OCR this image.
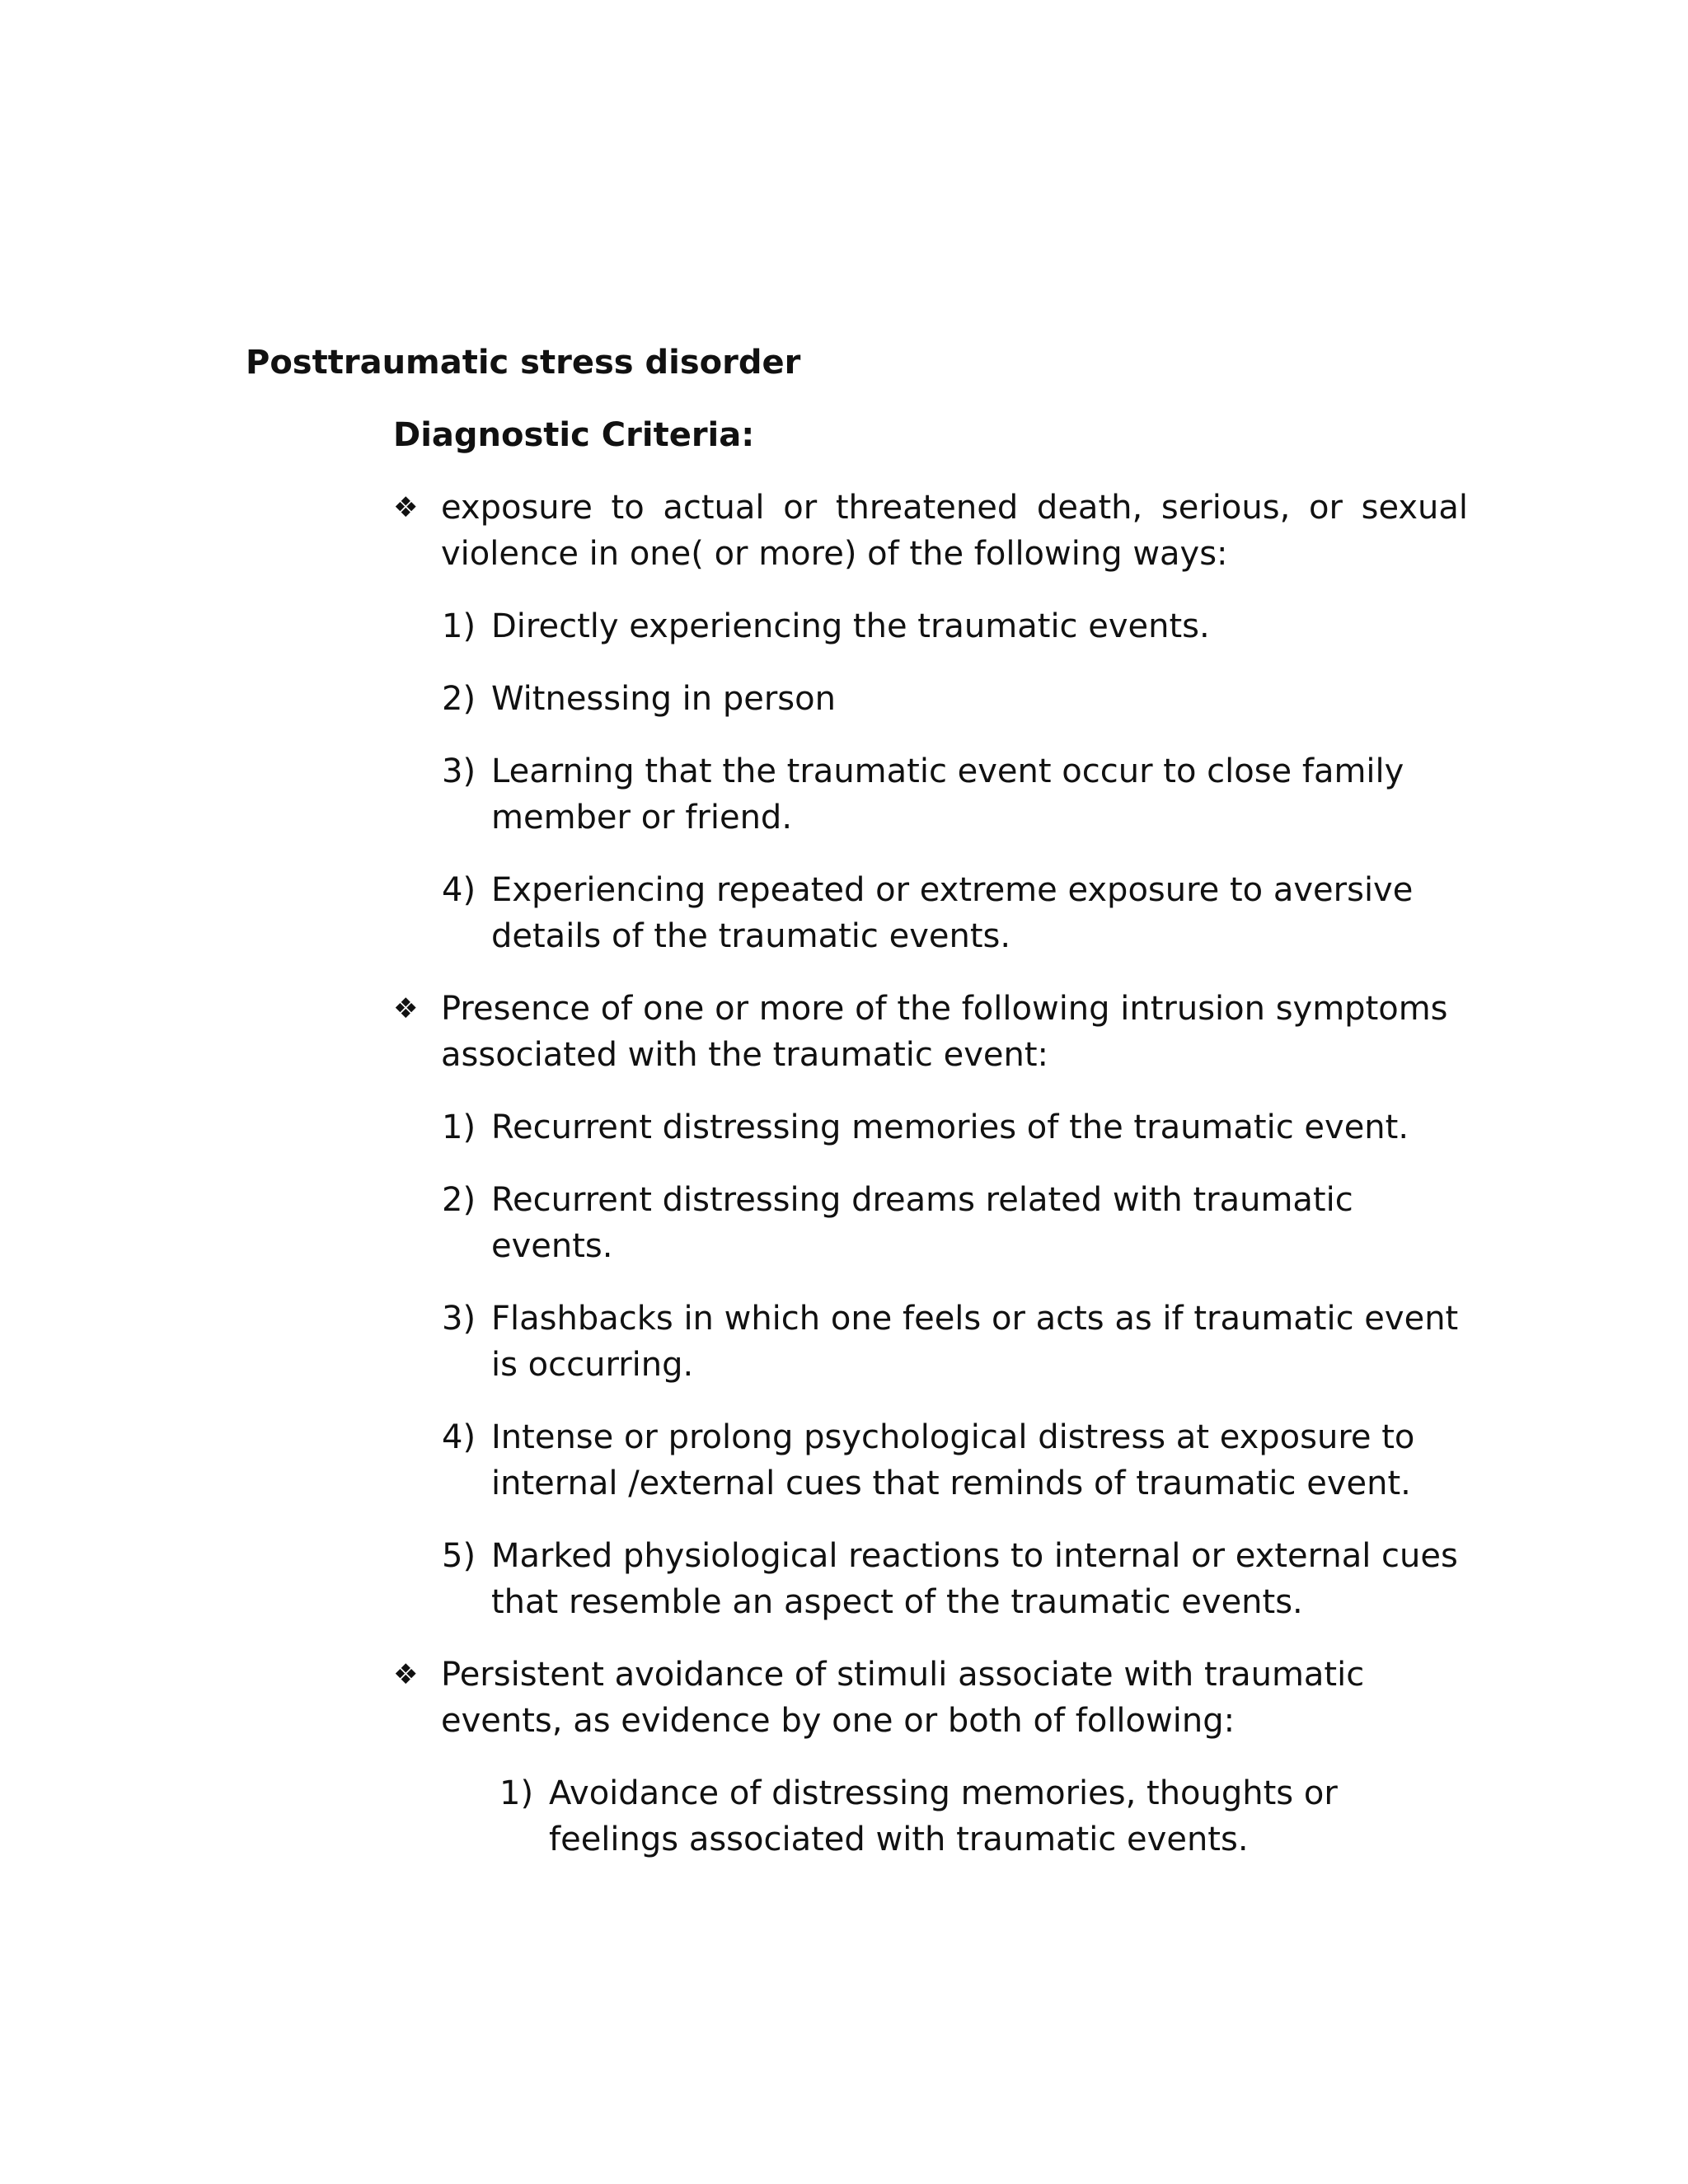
Posttraumatic stress disorder
Diagnostic Criteria:
❖ exposure to actual or threatened death, serious, or sexual violence in one( or more) of the following ways:
1) Directly experiencing the traumatic events.
2) Witnessing in person
3) Learning that the traumatic event occur to close family member or friend.
4) Experiencing repeated or extreme exposure to aversive details of the traumatic events.
❖ Presence of one or more of the following intrusion symptoms associated with the traumatic event:
1) Recurrent distressing memories of the traumatic event.
2) Recurrent distressing dreams related with traumatic events.
3) Flashbacks in which one feels or acts as if traumatic event is occurring.
4) Intense or prolong psychological distress at exposure to internal /external cues that reminds of traumatic event.
5) Marked physiological reactions to internal or external cues that resemble an aspect of the traumatic events.
❖ Persistent avoidance of stimuli associate with traumatic events, as evidence by one or both of following:
1) Avoidance of distressing memories, thoughts or feelings associated with traumatic events.
